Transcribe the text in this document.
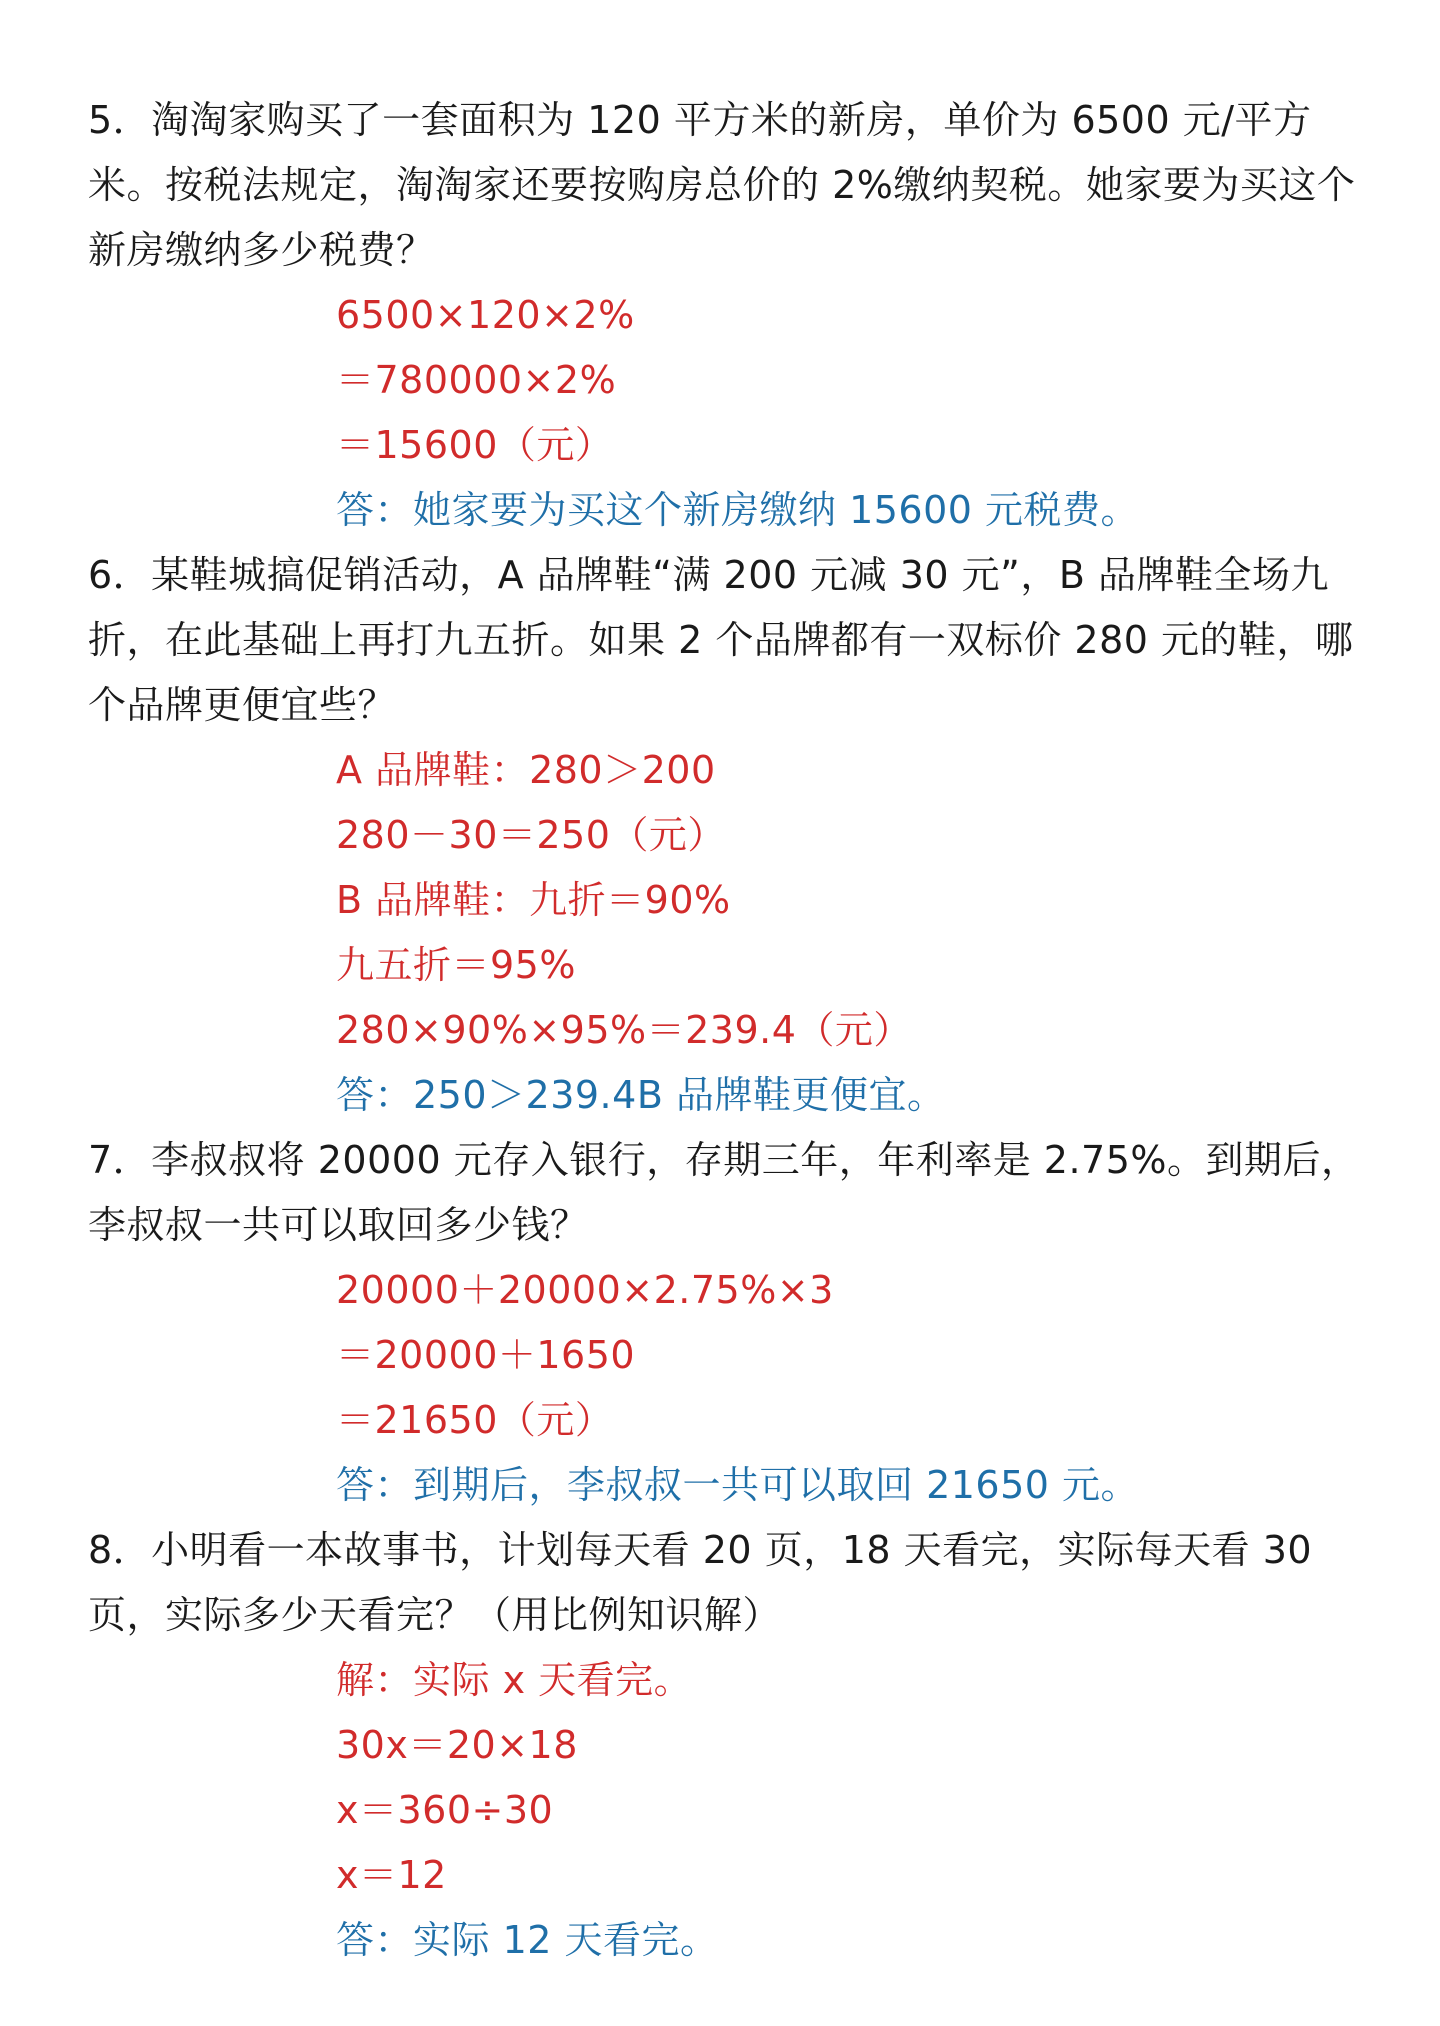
5．淘淘家购买了一套面积为 120 平方米的新房，单价为 6500 元/平方米。按税法规定，淘淘家还要按购房总价的 2%缴纳契税。她家要为买这个新房缴纳多少税费？

6500×120×2%
＝780000×2%
＝15600（元）
答：她家要为买这个新房缴纳 15600 元税费。

6．某鞋城搞促销活动，A 品牌鞋“满 200 元减 30 元”，B 品牌鞋全场九折，在此基础上再打九五折。如果 2 个品牌都有一双标价 280 元的鞋，哪个品牌更便宜些？

A 品牌鞋：280＞200
280－30＝250（元）
B 品牌鞋：九折＝90%
九五折＝95%
280×90%×95%＝239.4（元）
答：250＞239.4B 品牌鞋更便宜。

7．李叔叔将 20000 元存入银行，存期三年，年利率是 2.75%。到期后，李叔叔一共可以取回多少钱？

20000＋20000×2.75%×3
＝20000＋1650
＝21650（元）
答：到期后，李叔叔一共可以取回 21650 元。

8．小明看一本故事书，计划每天看 20 页，18 天看完，实际每天看 30 页，实际多少天看完？（用比例知识解）

解：实际 x 天看完。
30x＝20×18
x＝360÷30
x＝12
答：实际 12 天看完。
